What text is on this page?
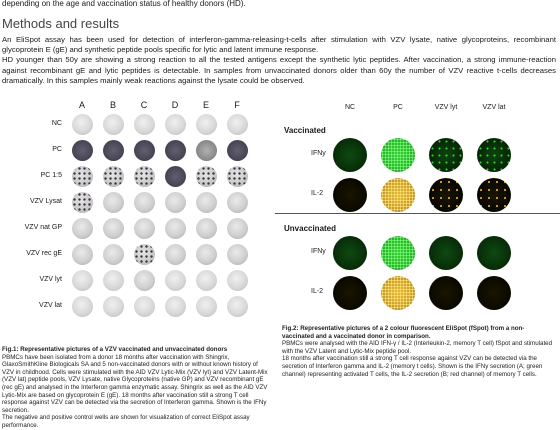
depending on the age and vaccination status of healthy donors (HD).
Methods and results

An EliSpot assay has been used for detection of interferon-gamma-releasing-t-cells after stimulation with VZV lysate, native glycoproteins, recombinant glycoprotein E (gE) and synthetic peptide pools specific for lytic and latent immune response.

HD younger than 50y are showing a strong reaction to all the tested antigens except the synthetic lytic peptides. After vaccination, a strong immune-reaction against recombinant gE and lytic peptides is detectable. In samples from unvaccinated donors older than 60y the number of VZV reactive t-cells decreases dramatically. In this samples mainly weak reactions against the lysate could be observed.

A	B	C	D	E	F
NC
PC
PC 1:5
VZV Lysat
VZV nat GP
VZV rec gE
VZV lyt
VZV lat
Fig.1: Representative pictures of a VZV vaccinated and unvaccinated donors
PBMCs have been isolated from a donor 18 months after vaccination with Shingrix, GlaxoSmithKline Biologicals SA and 5 non-vaccinated donors with or without known history of VZV in childhood. Cells were stimulated with the AID VZV Lytic-Mix (VZV lyt) and VZV Latent-Mix (VZV lat) peptide pools, VZV Lysate, native Glycoproteins (native GP) and VZV recombinant gE (rec gE) and analysed in the Interferon gamma enzymatic assay. Shingrix as well as the AID VZV Lytic-Mix are based on glycoprotein E (gE). 18 months after vaccination still a strong T cell response against VZV can be detected via the secretion of Interferon gamma. Shown is the IFNy secretion.
The negative and positive control wells are shown for visualization of correct EliSpot assay performance.
NC	PC	VZV lyt	VZV lat
Vaccinated
IFNy
IL-2
Unvaccinated
IFNy
IL-2
Fig.2: Representative pictures of a 2 colour fluorescent EliSpot (fSpot) from a non-vaccinated and a vaccinated donor in comparison.
PBMCs were analysed with the AID IFN-γ / IL-2 (Interleukin-2, memory T cell) fSpot and stimulated with the VZV Latent and Lytic-Mix peptide pool.
18 months after vaccination still a strong T cell response against VZV can be detected via the secretion of Interferon gamma and IL-2 (memory t cells). Shown is the IFNy secretion (A; green channel) representing activated T cells, the IL-2 secretion (B; red channel) of memory T cells.
